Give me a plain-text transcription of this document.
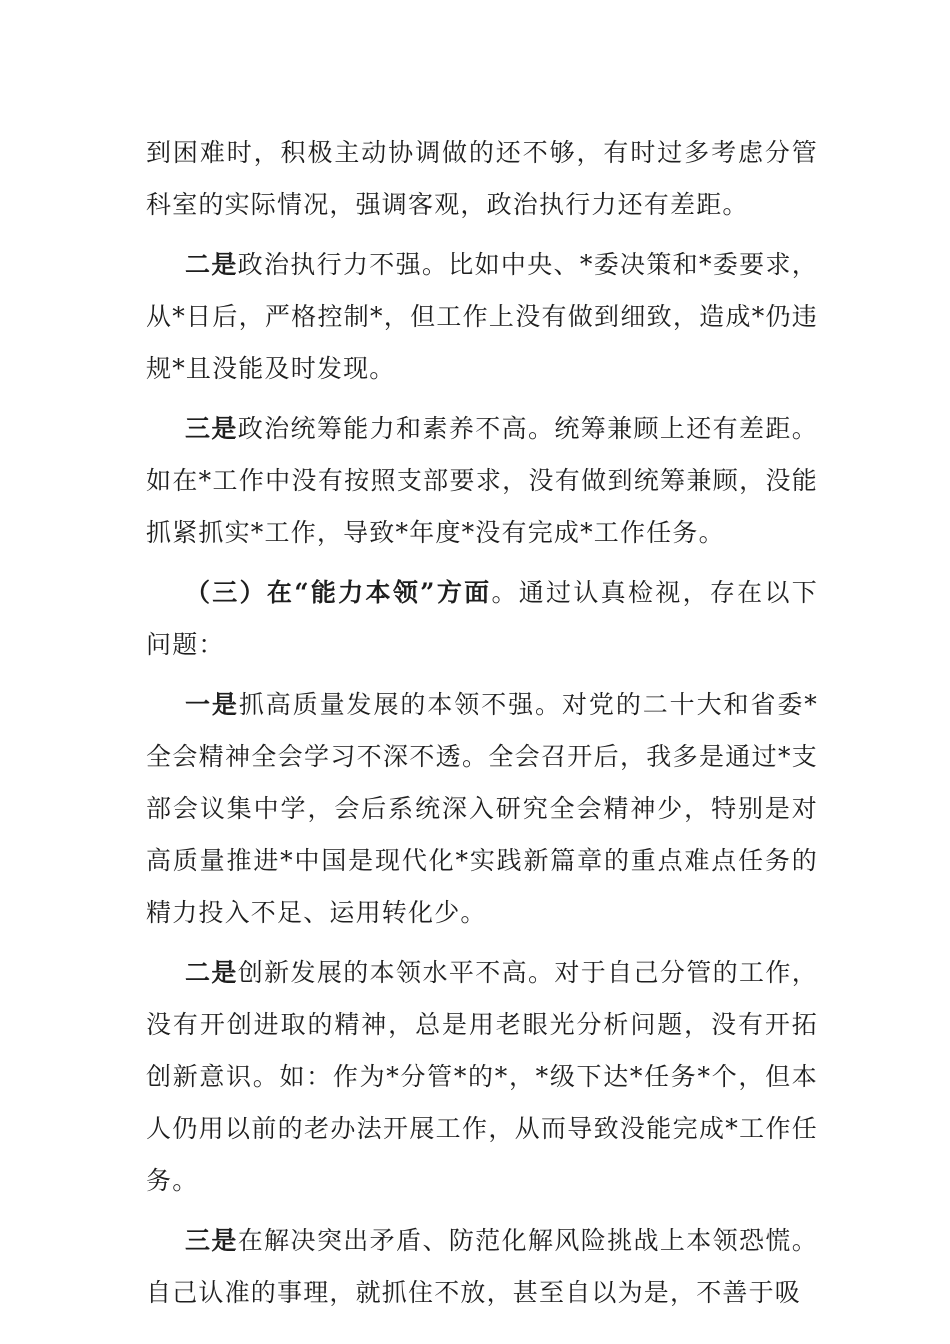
到困难时，积极主动协调做的还不够，有时过多考虑分管科室的实际情况，强调客观，政治执行力还有差距。

二是政治执行力不强。比如中央、*委决策和*委要求，从*日后，严格控制*，但工作上没有做到细致，造成*仍违规*且没能及时发现。

三是政治统筹能力和素养不高。统筹兼顾上还有差距。如在*工作中没有按照支部要求，没有做到统筹兼顾，没能抓紧抓实*工作，导致*年度*没有完成*工作任务。

（三）在“能力本领”方面。通过认真检视，存在以下问题：

一是抓高质量发展的本领不强。对党的二十大和省委*全会精神全会学习不深不透。全会召开后，我多是通过*支部会议集中学，会后系统深入研究全会精神少，特别是对高质量推进*中国是现代化*实践新篇章的重点难点任务的精力投入不足、运用转化少。

二是创新发展的本领水平不高。对于自己分管的工作，没有开创进取的精神，总是用老眼光分析问题，没有开拓创新意识。如：作为*分管*的*，*级下达*任务*个，但本人仍用以前的老办法开展工作，从而导致没能完成*工作任务。

三是在解决突出矛盾、防范化解风险挑战上本领恐慌。自己认准的事理，就抓住不放，甚至自以为是，不善于吸
